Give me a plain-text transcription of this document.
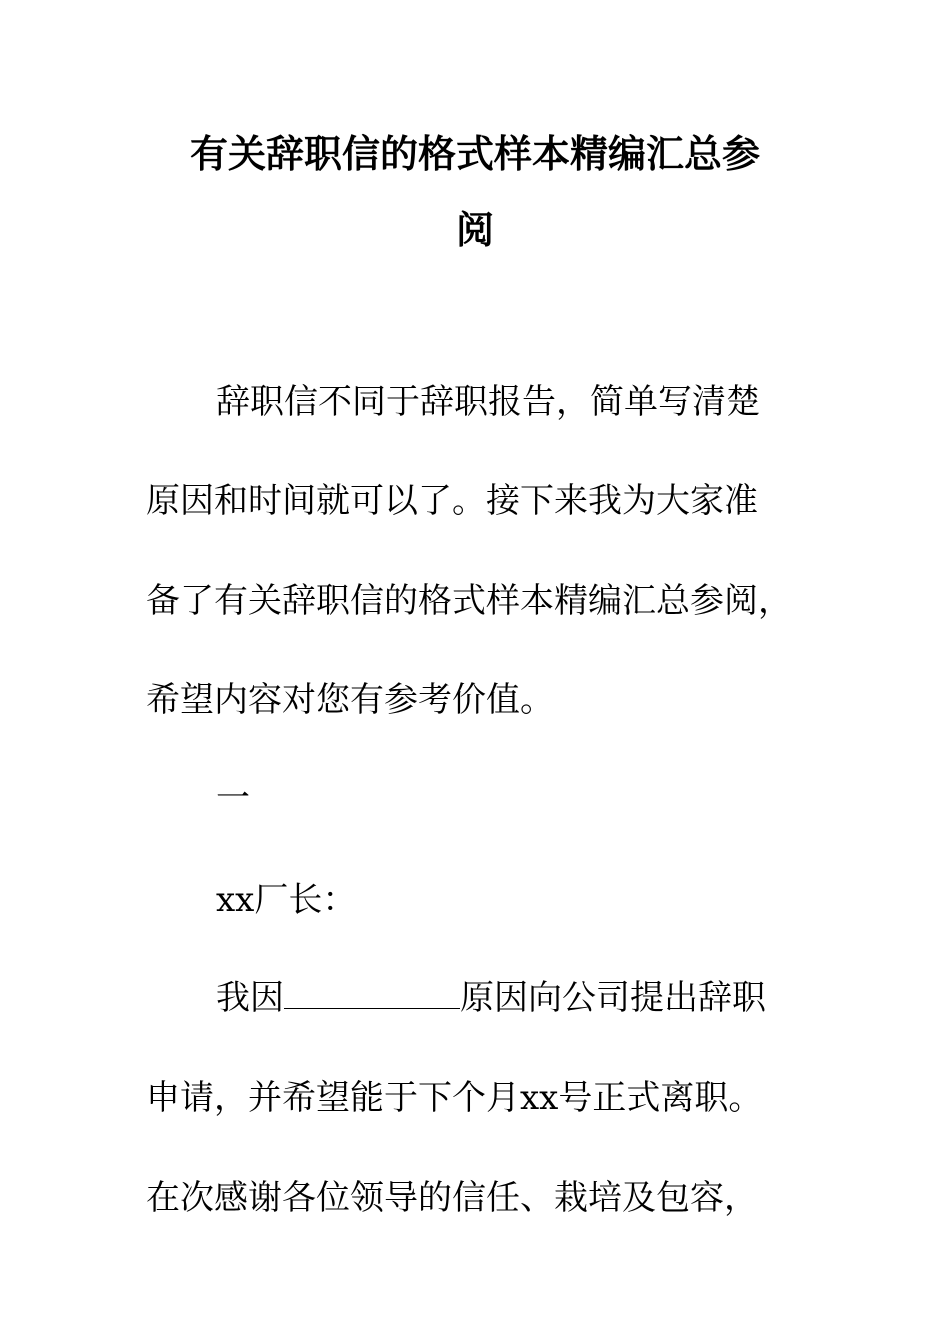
有关辞职信的格式样本精编汇总参
阅
辞职信不同于辞职报告，简单写清楚
原因和时间就可以了。接下来我为大家准
备了有关辞职信的格式样本精编汇总参阅，
希望内容对您有参考价值。
一
xx厂长：
我因	原因向公司提出辞职
申请，并希望能于下个月xx号正式离职。
在次感谢各位领导的信任、栽培及包容，
